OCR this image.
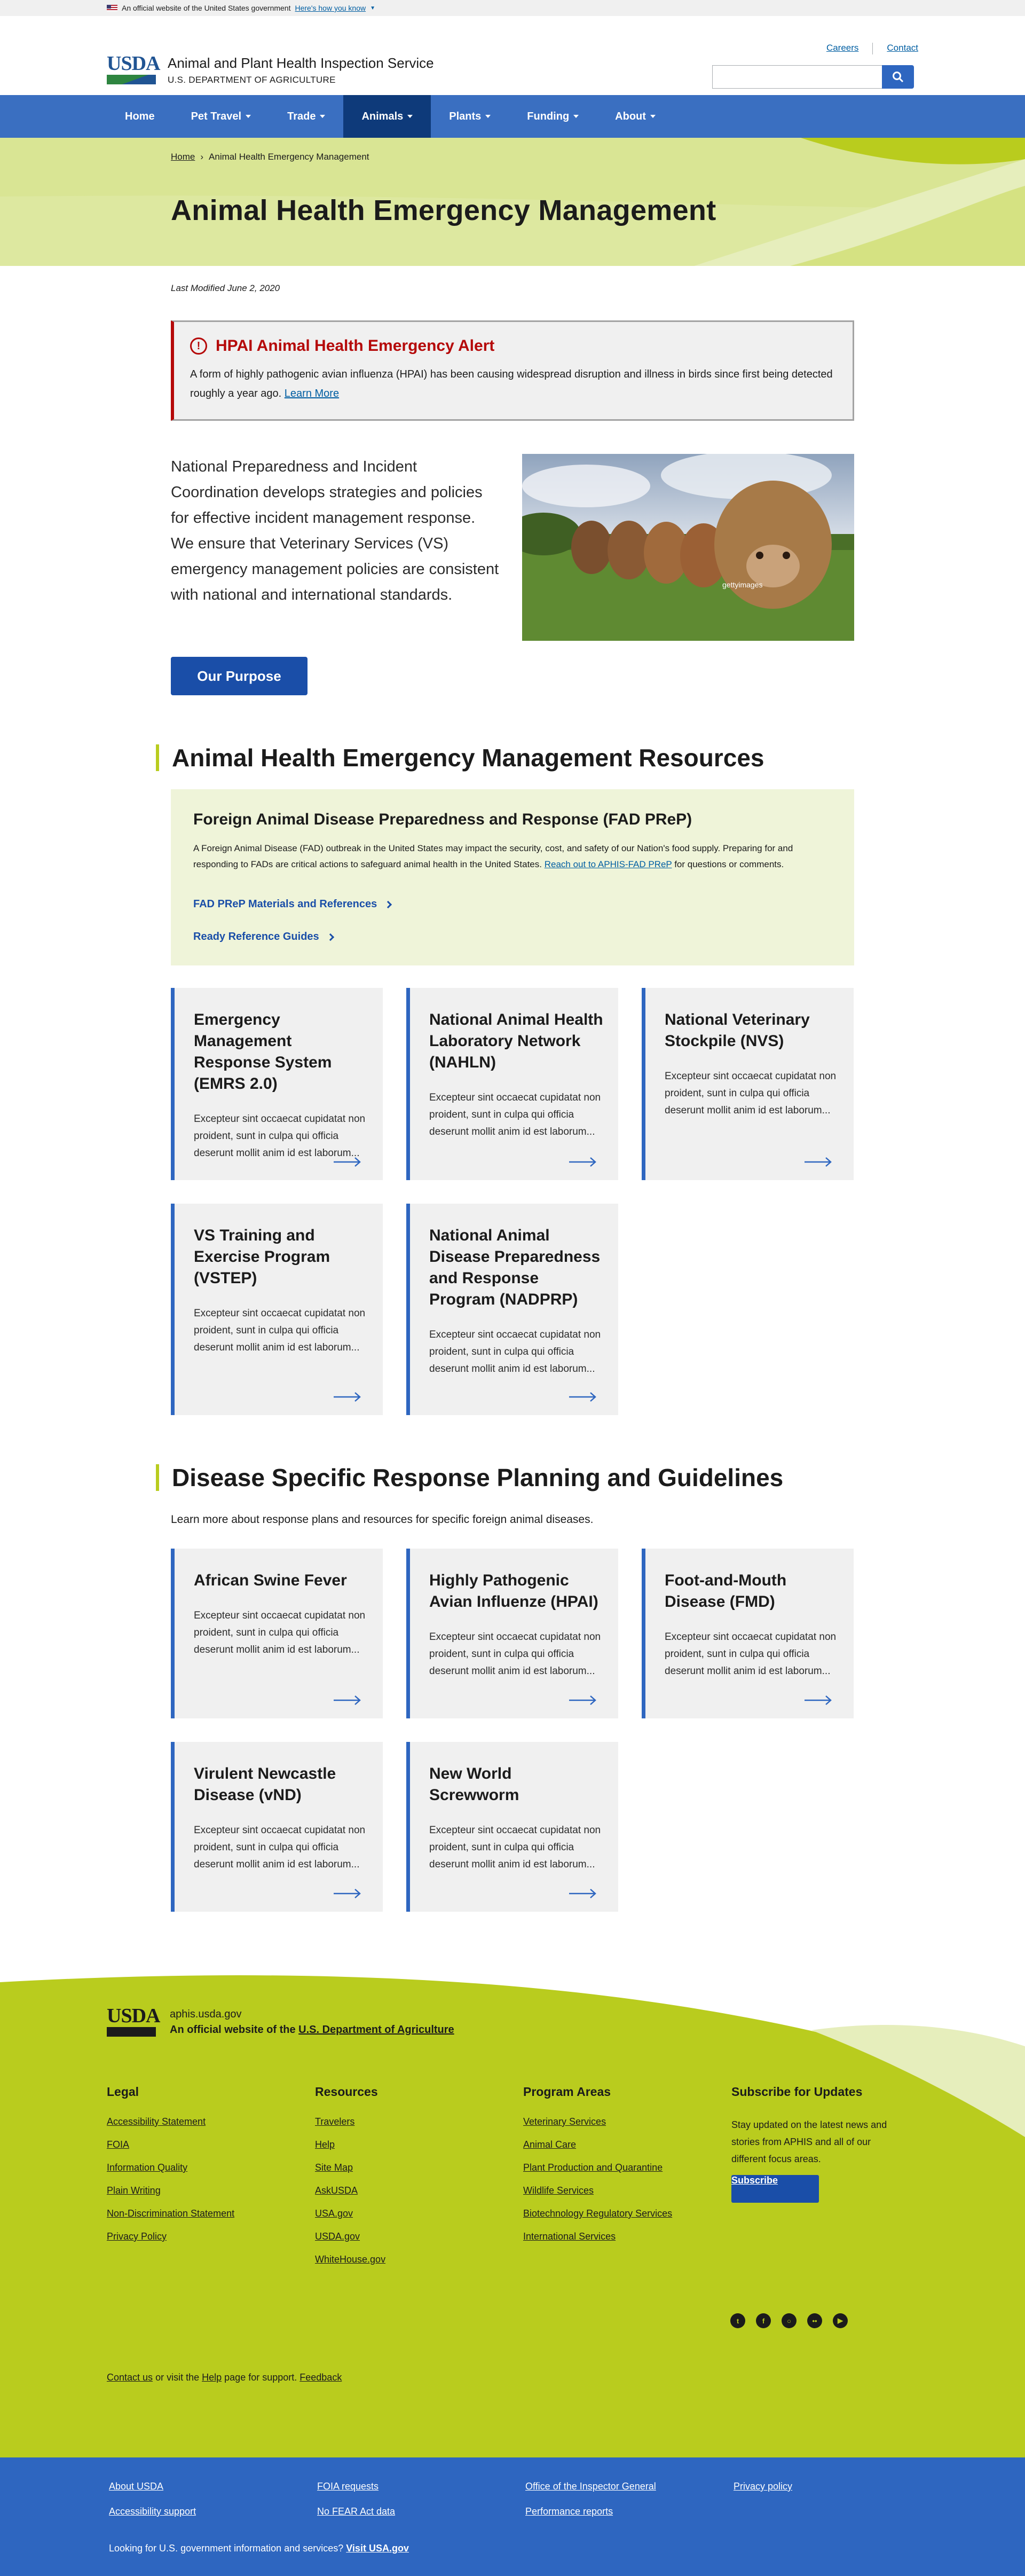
An official website of the United States government Here's how you know ▼
USDA Animal and Plant Health Inspection Service
U.S. DEPARTMENT OF AGRICULTURE
Careers	Contact
Home	Pet Travel	Trade	Animals	Plants	Funding	About
Home › Animal Health Emergency Management
Animal Health Emergency Management
Last Modified June 2, 2020
! HPAI Animal Health Emergency Alert
A form of highly pathogenic avian influenza (HPAI) has been causing widespread disruption and illness in birds since first being detected roughly a year ago. Learn More

National Preparedness and Incident Coordination develops strategies and policies for effective incident management response. We ensure that Veterinary Services (VS) emergency management policies are consistent with national and international standards.

gettyimages
Our Purpose
Animal Health Emergency Management Resources
Foreign Animal Disease Preparedness and Response (FAD PReP)

A Foreign Animal Disease (FAD) outbreak in the United States may impact the security, cost, and safety of our Nation's food supply. Preparing for and responding to FADs are critical actions to safeguard animal health in the United States. Reach out to APHIS-FAD PReP for questions or comments.

FAD PReP Materials and References
Ready Reference Guides
Emergency Management Response System (EMRS 2.0)

Excepteur sint occaecat cupidatat non proident, sunt in culpa qui officia deserunt mollit anim id est laborum...

National Animal Health Laboratory Network (NAHLN)

Excepteur sint occaecat cupidatat non proident, sunt in culpa qui officia deserunt mollit anim id est laborum...

National Veterinary Stockpile (NVS)

Excepteur sint occaecat cupidatat non proident, sunt in culpa qui officia deserunt mollit anim id est laborum...

VS Training and Exercise Program (VSTEP)

Excepteur sint occaecat cupidatat non proident, sunt in culpa qui officia deserunt mollit anim id est laborum...

National Animal Disease Preparedness and Response Program (NADPRP)

Excepteur sint occaecat cupidatat non proident, sunt in culpa qui officia deserunt mollit anim id est laborum...

Disease Specific Response Planning and Guidelines

Learn more about response plans and resources for specific foreign animal diseases.

African Swine Fever

Excepteur sint occaecat cupidatat non proident, sunt in culpa qui officia deserunt mollit anim id est laborum...

Highly Pathogenic Avian Influenze (HPAI)

Excepteur sint occaecat cupidatat non proident, sunt in culpa qui officia deserunt mollit anim id est laborum...

Foot-and-Mouth Disease (FMD)

Excepteur sint occaecat cupidatat non proident, sunt in culpa qui officia deserunt mollit anim id est laborum...

Virulent Newcastle Disease (vND)

Excepteur sint occaecat cupidatat non proident, sunt in culpa qui officia deserunt mollit anim id est laborum...

New World Screwworm

Excepteur sint occaecat cupidatat non proident, sunt in culpa qui officia deserunt mollit anim id est laborum...

USDA aphis.usda.gov
An official website of the U.S. Department of Agriculture
Legal
Accessibility Statement
FOIA
Information Quality
Plain Writing
Non-Discrimination Statement
Privacy Policy
Resources
Travelers
Help
Site Map
AskUSDA
USA.gov
USDA.gov
WhiteHouse.gov
Program Areas
Veterinary Services
Animal Care
Plant Production and Quarantine
Wildlife Services
Biotechnology Regulatory Services
International Services
Subscribe for Updates

Stay updated on the latest news and stories from APHIS and all of our different focus areas.

Subscribe
t	f	○	••	▶
Contact us or visit the Help page for support. Feedback
About USDA
Accessibility support
FOIA requests
No FEAR Act data
Office of the Inspector General
Performance reports
Privacy policy
Looking for U.S. government information and services? Visit USA.gov
